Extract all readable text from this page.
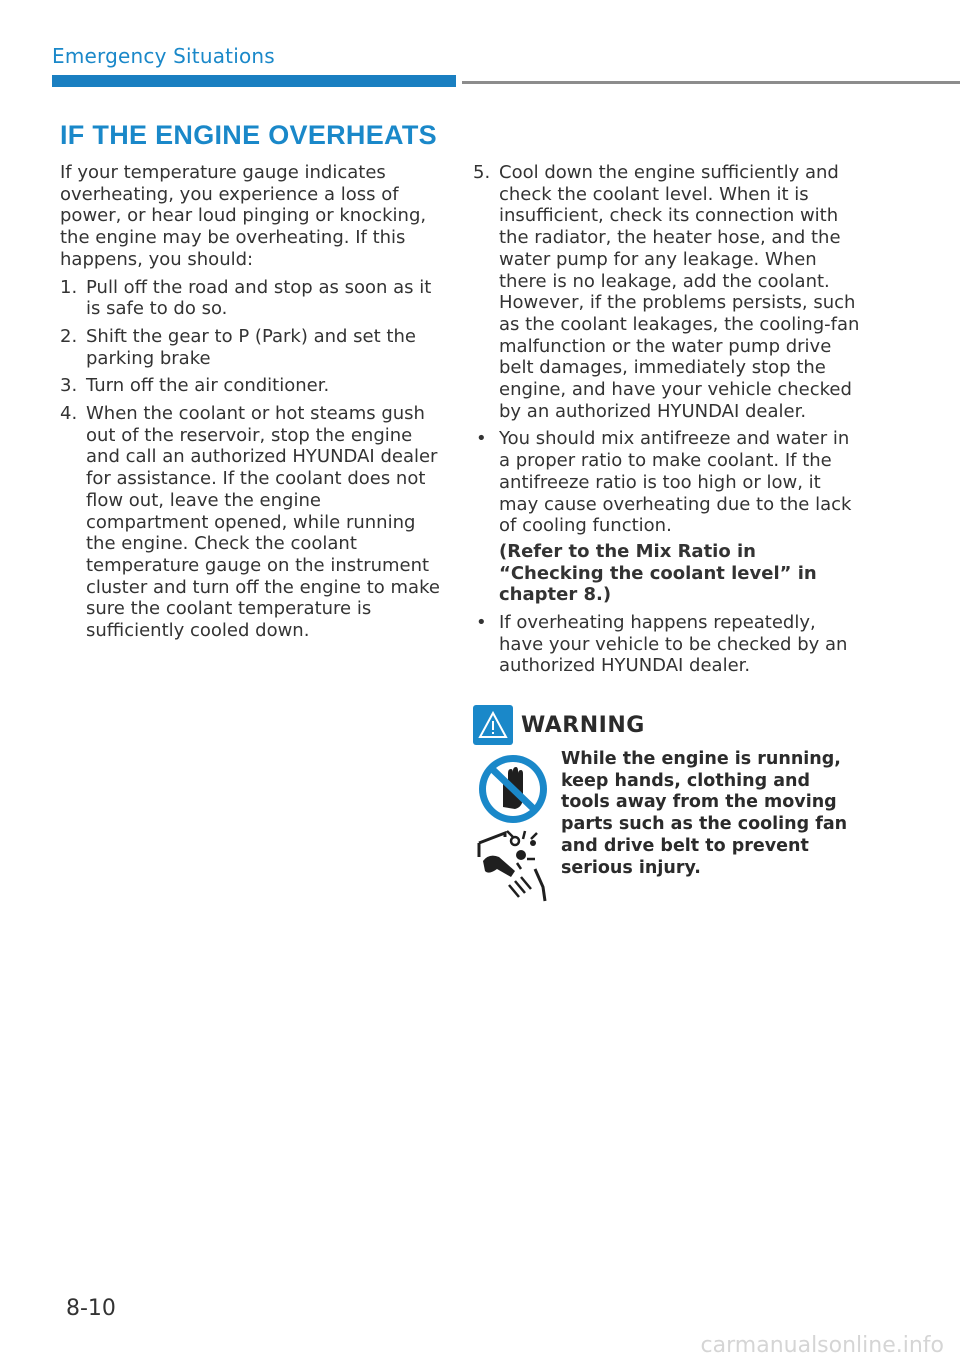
Emergency Situations
IF THE ENGINE OVERHEATS

If your temperature gauge indicates overheating, you experience a loss of power, or hear loud pinging or knocking, the engine may be overheating. If this happens, you should:

1. Pull off the road and stop as soon as it is safe to do so.
2. Shift the gear to P (Park) and set the parking brake
3. Turn off the air conditioner.
4. When the coolant or hot steams gush out of the reservoir, stop the engine and call an authorized HYUNDAI dealer for assistance. If the coolant does not flow out, leave the engine compartment opened, while running the engine. Check the coolant temperature gauge on the instrument cluster and turn off the engine to make sure the coolant temperature is sufficiently cooled down.
5. Cool down the engine sufficiently and check the coolant level. When it is insufficient, check its connection with the radiator, the heater hose, and the water pump for any leakage. When there is no leakage, add the coolant. However, if the problems persists, such as the coolant leakages, the cooling-fan malfunction or the water pump drive belt damages, immediately stop the engine, and have your vehicle checked by an authorized HYUNDAI dealer.
• You should mix antifreeze and water in a proper ratio to make coolant. If the antifreeze ratio is too high or low, it may cause overheating due to the lack of cooling function.
(Refer to the Mix Ratio in “Checking the coolant level” in chapter 8.)
• If overheating happens repeatedly, have your vehicle to be checked by an authorized HYUNDAI dealer.
WARNING
While the engine is running, keep hands, clothing and tools away from the moving parts such as the cooling fan and drive belt to prevent serious injury.
8-10
carmanualsonline.info
